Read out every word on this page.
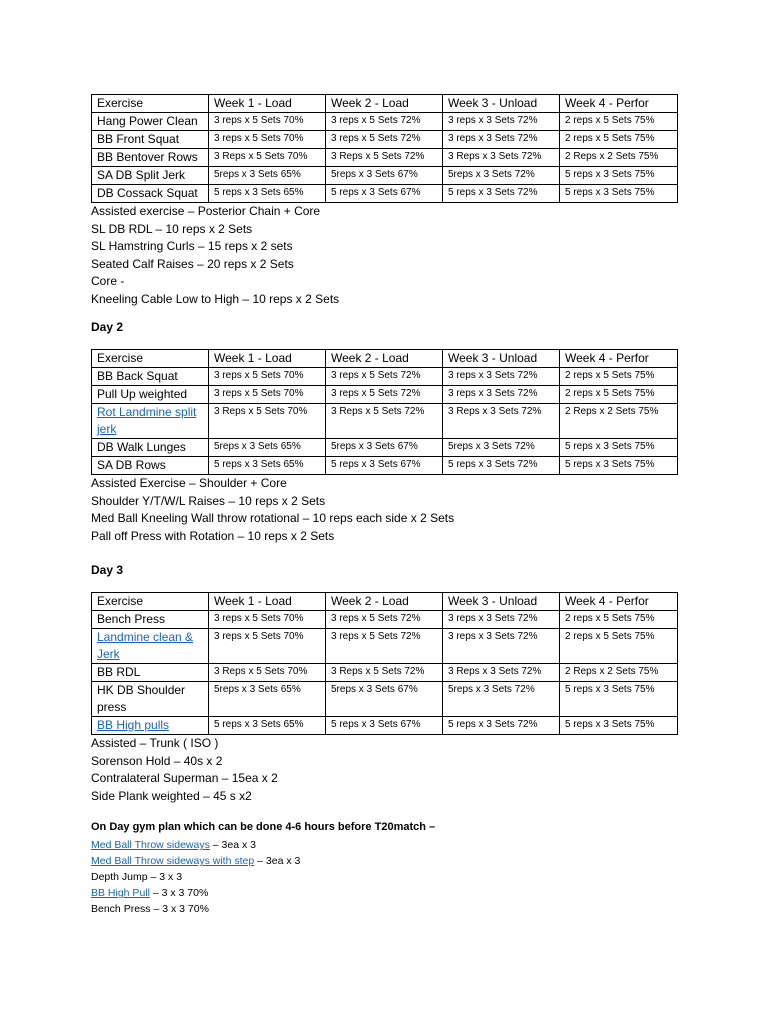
Exercise	Week 1 - Load	Week 2 - Load	Week 3 - Unload	Week 4 - Perfor
Hang Power Clean	3 reps x 5 Sets 70%	3 reps x 5 Sets 72%	3 reps x 3 Sets 72%	2 reps x 5 Sets 75%
BB Front Squat	3 reps x 5 Sets 70%	3 reps x 5 Sets 72%	3 reps x 3 Sets 72%	2 reps x 5 Sets 75%
BB Bentover Rows	3 Reps x 5 Sets 70%	3 Reps x 5 Sets 72%	3 Reps x 3 Sets 72%	2 Reps x 2 Sets 75%
SA DB Split Jerk	5reps x 3 Sets 65%	5reps x 3 Sets 67%	5reps x 3 Sets 72%	5 reps x 3 Sets 75%
DB Cossack Squat	5 reps x 3 Sets 65%	5 reps x 3 Sets 67%	5 reps x 3 Sets 72%	5 reps x 3 Sets 75%
Assisted exercise – Posterior Chain + Core
SL DB RDL – 10 reps x 2 Sets
SL Hamstring Curls – 15 reps x 2 sets
Seated Calf Raises – 20 reps x 2 Sets
Core -
Kneeling Cable Low to High – 10 reps x 2 Sets
Day 2
Exercise	Week 1 - Load	Week 2 - Load	Week 3 - Unload	Week 4 - Perfor
BB Back Squat	3 reps x 5 Sets 70%	3 reps x 5 Sets 72%	3 reps x 3 Sets 72%	2 reps x 5 Sets 75%
Pull Up weighted	3 reps x 5 Sets 70%	3 reps x 5 Sets 72%	3 reps x 3 Sets 72%	2 reps x 5 Sets 75%
Rot Landmine split jerk	3 Reps x 5 Sets 70%	3 Reps x 5 Sets 72%	3 Reps x 3 Sets 72%	2 Reps x 2 Sets 75%
DB Walk Lunges	5reps x 3 Sets 65%	5reps x 3 Sets 67%	5reps x 3 Sets 72%	5 reps x 3 Sets 75%
SA DB Rows	5 reps x 3 Sets 65%	5 reps x 3 Sets 67%	5 reps x 3 Sets 72%	5 reps x 3 Sets 75%
Assisted Exercise – Shoulder + Core
Shoulder Y/T/W/L Raises – 10 reps x 2 Sets
Med Ball Kneeling Wall throw rotational – 10 reps each side x 2 Sets
Pall off Press with Rotation – 10 reps x 2 Sets
Day 3
Exercise	Week 1 - Load	Week 2 - Load	Week 3 - Unload	Week 4 - Perfor
Bench Press	3 reps x 5 Sets 70%	3 reps x 5 Sets 72%	3 reps x 3 Sets 72%	2 reps x 5 Sets 75%
Landmine clean & Jerk	3 reps x 5 Sets 70%	3 reps x 5 Sets 72%	3 reps x 3 Sets 72%	2 reps x 5 Sets 75%
BB RDL	3 Reps x 5 Sets 70%	3 Reps x 5 Sets 72%	3 Reps x 3 Sets 72%	2 Reps x 2 Sets 75%
HK DB Shoulder press	5reps x 3 Sets 65%	5reps x 3 Sets 67%	5reps x 3 Sets 72%	5 reps x 3 Sets 75%
BB High pulls	5 reps x 3 Sets 65%	5 reps x 3 Sets 67%	5 reps x 3 Sets 72%	5 reps x 3 Sets 75%
Assisted – Trunk ( ISO )
Sorenson Hold – 40s x 2
Contralateral Superman – 15ea x 2
Side Plank weighted – 45 s x2
On Day gym plan which can be done 4-6 hours before T20match –
Med Ball Throw sideways – 3ea x 3
Med Ball Throw sideways with step – 3ea x 3
Depth Jump – 3 x 3
BB High Pull – 3 x 3 70%
Bench Press – 3 x 3 70%
